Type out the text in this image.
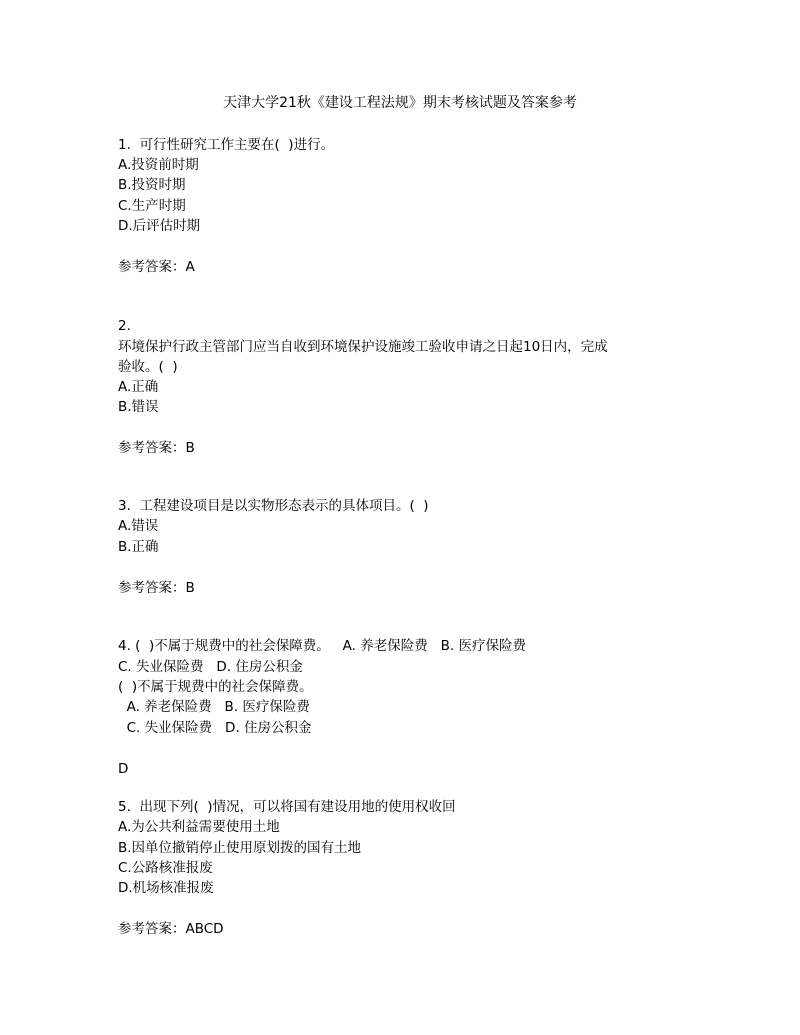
天津大学21秋《建设工程法规》期末考核试题及答案参考
1.  可行性研究工作主要在(  )进行。
A.投资前时期
B.投资时期
C.生产时期
D.后评估时期
参考答案：A
2.
环境保护行政主管部门应当自收到环境保护设施竣工验收申请之日起10日内，完成
验收。(  )
A.正确
B.错误
参考答案：B
3.  工程建设项目是以实物形态表示的具体项目。(  )
A.错误
B.正确
参考答案：B
4. (  )不属于规费中的社会保障费。   A. 养老保险费   B. 医疗保险费
C. 失业保险费   D. 住房公积金
(  )不属于规费中的社会保障费。
A. 养老保险费   B. 医疗保险费
C. 失业保险费   D. 住房公积金
D
5.  出现下列(  )情况，可以将国有建设用地的使用权收回
A.为公共利益需要使用土地
B.因单位撤销停止使用原划拨的国有土地
C.公路核准报废
D.机场核准报废
参考答案：ABCD
